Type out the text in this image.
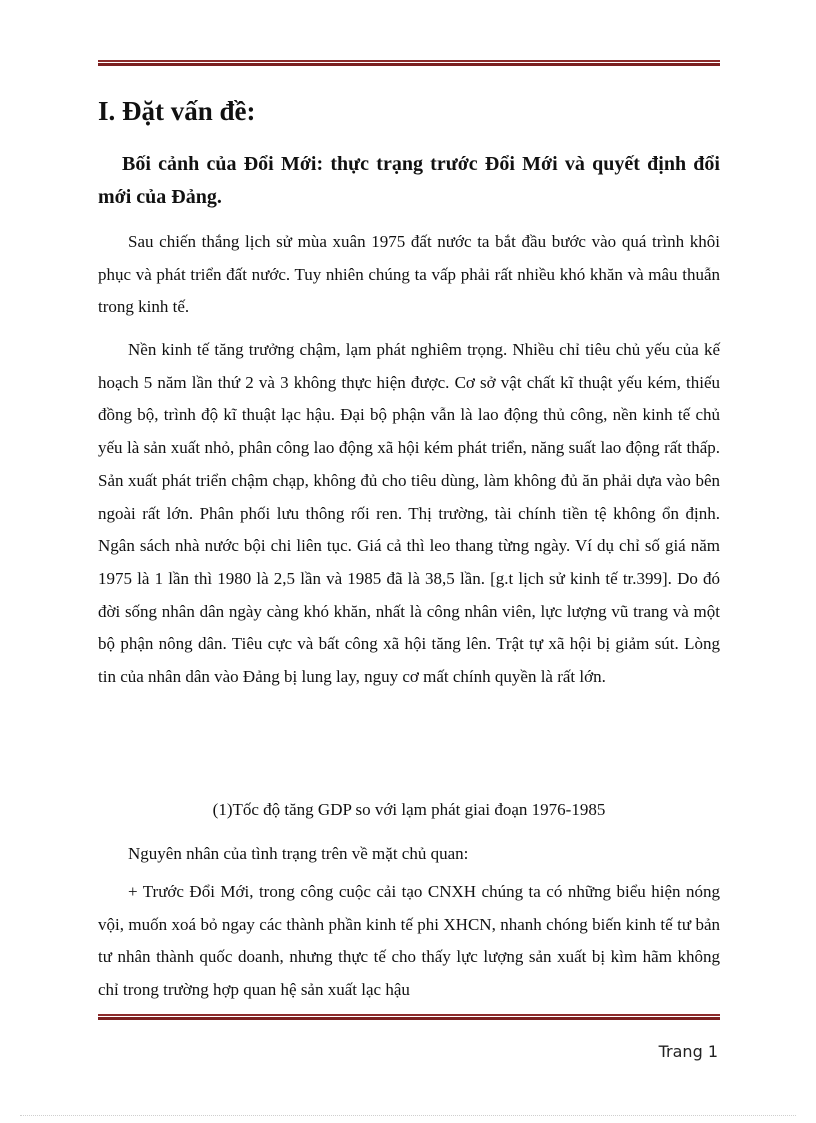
I. Đặt vấn đề:

Bối cảnh của Đổi Mới: thực trạng trước Đổi Mới và quyết định đổi mới của Đảng.

Sau chiến thắng lịch sử mùa xuân 1975 đất nước ta bắt đầu bước vào quá trình khôi phục và phát triển đất nước. Tuy nhiên chúng ta vấp phải rất nhiều khó khăn và mâu thuẫn trong kinh tế.

Nền kinh tế tăng trưởng chậm, lạm phát nghiêm trọng. Nhiều chỉ tiêu chủ yếu của kế hoạch 5 năm lần thứ 2 và 3 không thực hiện được. Cơ sở vật chất kĩ thuật yếu kém, thiếu đồng bộ, trình độ kĩ thuật lạc hậu. Đại bộ phận vẫn là lao động thủ công, nền kinh tế chủ yếu là sản xuất nhỏ, phân công lao động xã hội kém phát triển, năng suất lao động rất thấp. Sản xuất phát triển chậm chạp, không đủ cho tiêu dùng, làm không đủ ăn phải dựa vào bên ngoài rất lớn. Phân phối lưu thông rối ren. Thị trường, tài chính tiền tệ không ổn định. Ngân sách nhà nước bội chi liên tục. Giá cả thì leo thang từng ngày. Ví dụ chỉ số giá năm 1975 là 1 lần thì 1980 là 2,5 lần và 1985 đã là 38,5 lần. [g.t lịch sử kinh tế tr.399]. Do đó đời sống nhân dân ngày càng khó khăn, nhất là công nhân viên, lực lượng vũ trang và một bộ phận nông dân. Tiêu cực và bất công xã hội tăng lên. Trật tự xã hội bị giảm sút. Lòng tin của nhân dân vào Đảng bị lung lay, nguy cơ mất chính quyền là rất lớn.

(1)Tốc độ tăng GDP so với lạm phát giai đoạn 1976-1985

Nguyên nhân của tình trạng trên về mặt chủ quan:

+ Trước Đổi Mới, trong công cuộc cải tạo CNXH chúng ta có những biểu hiện nóng vội, muốn xoá bỏ ngay các thành phần kinh tế phi XHCN, nhanh chóng biến kinh tế tư bản tư nhân thành quốc doanh, nhưng thực tế cho thấy lực lượng sản xuất bị kìm hãm không chỉ trong trường hợp quan hệ sản xuất lạc hậu

Trang 1
